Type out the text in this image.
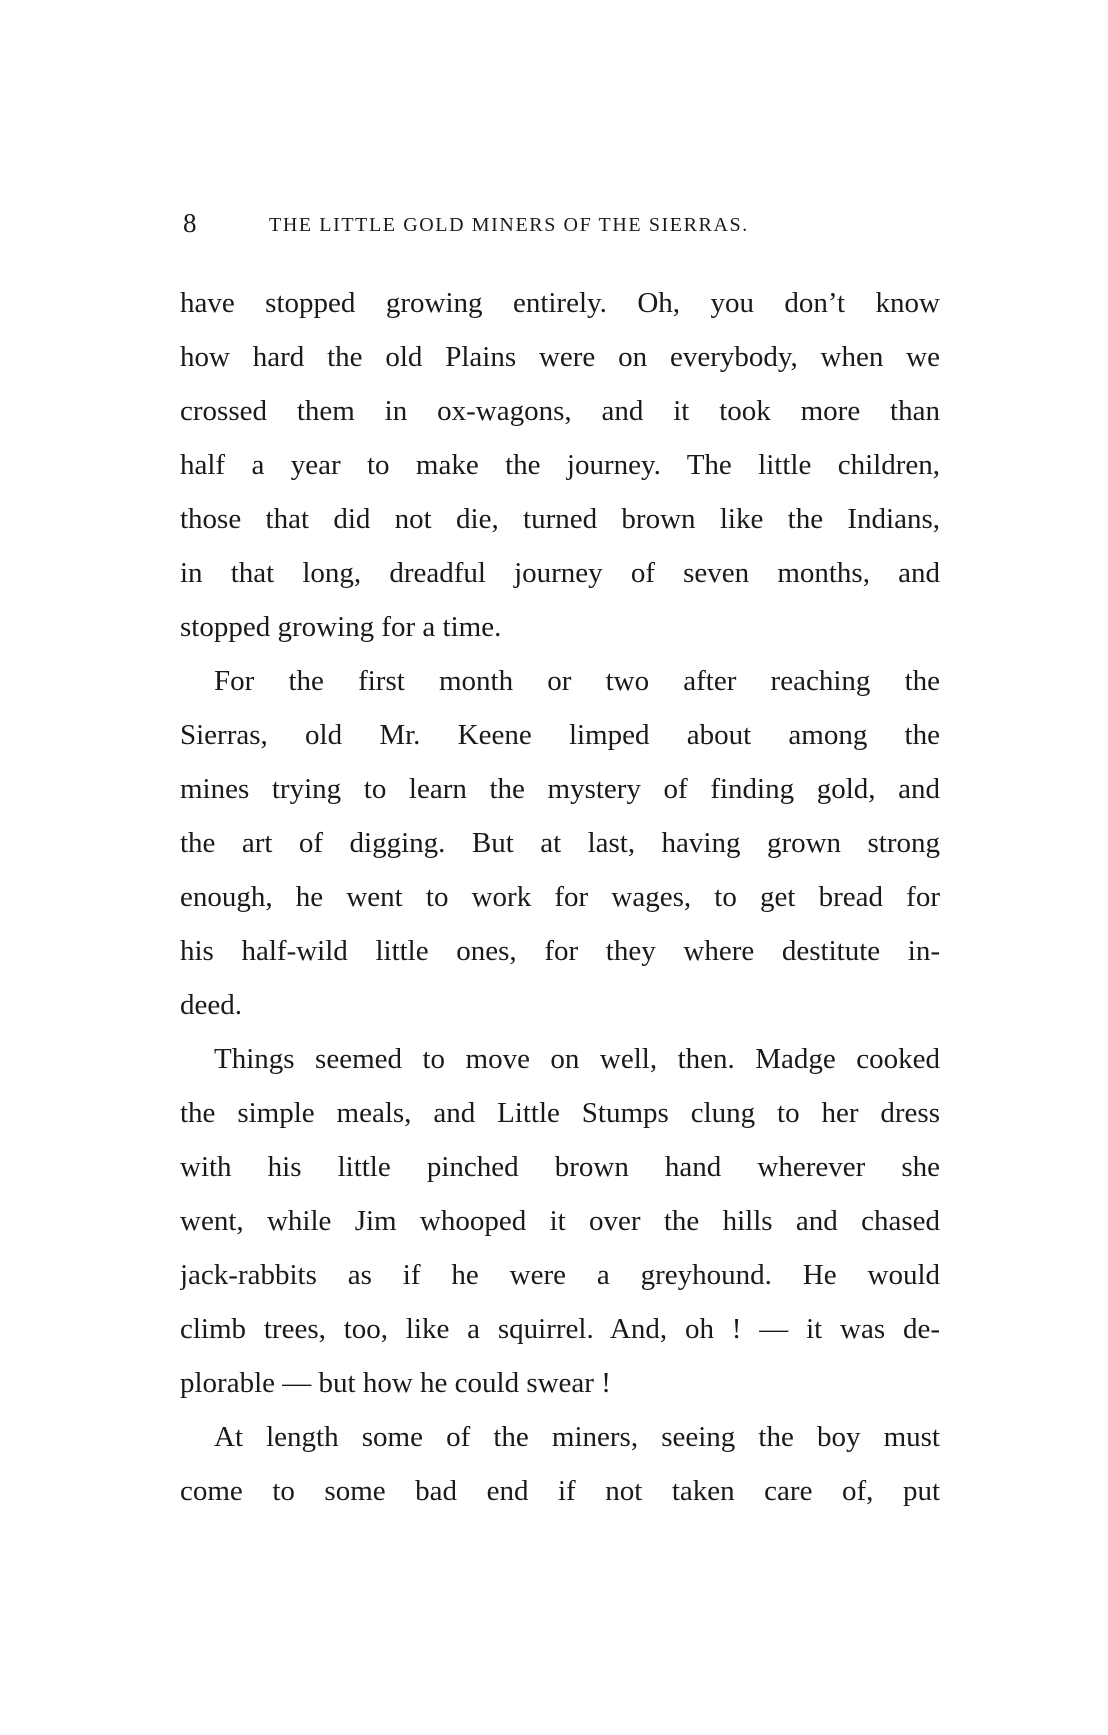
8	THE LITTLE GOLD MINERS OF THE SIERRAS.
have stopped growing entirely. Oh, you don’t know
how hard the old Plains were on everybody, when we
crossed them in ox-wagons, and it took more than
half a year to make the journey. The little children,
those that did not die, turned brown like the Indians,
in that long, dreadful journey of seven months, and
stopped growing for a time.
For the first month or two after reaching the
Sierras, old Mr. Keene limped about among the
mines trying to learn the mystery of finding gold, and
the art of digging. But at last, having grown strong
enough, he went to work for wages, to get bread for
his half-wild little ones, for they where destitute in-
deed.
Things seemed to move on well, then. Madge cooked
the simple meals, and Little Stumps clung to her dress
with his little pinched brown hand wherever she
went, while Jim whooped it over the hills and chased
jack-rabbits as if he were a greyhound. He would
climb trees, too, like a squirrel. And, oh ! — it was de-
plorable — but how he could swear !
At length some of the miners, seeing the boy must
come to some bad end if not taken care of, put
